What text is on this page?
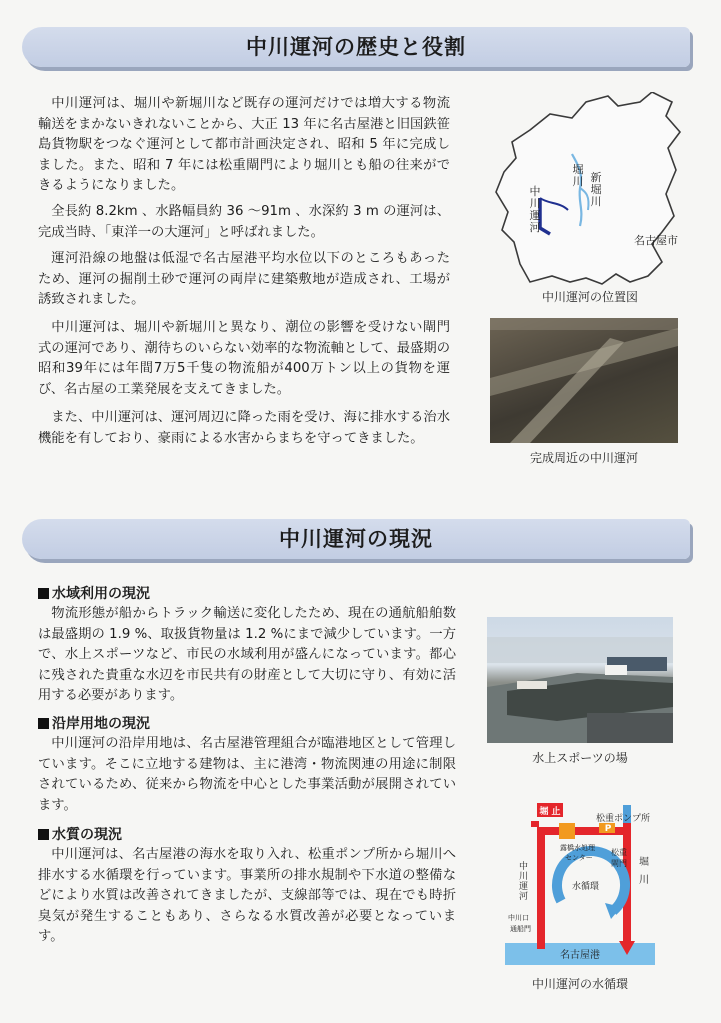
中川運河の歴史と役割

中川運河は、堀川や新堀川など既存の運河だけでは増大する物流輸送をまかないきれないことから、大正 13 年に名古屋港と旧国鉄笹島貨物駅をつなぐ運河として都市計画決定され、昭和 5 年に完成しました。また、昭和 7 年には松重閘門により堀川とも船の往来ができるようになりました。

全長約 8.2km 、水路幅員約 36 〜91m 、水深約 3 m の運河は、完成当時、「東洋一の大運河」と呼ばれました。

運河沿線の地盤は低湿で名古屋港平均水位以下のところもあったため、運河の掘削土砂で運河の両岸に建築敷地が造成され、工場が誘致されました。

中川運河は、堀川や新堀川と異なり、潮位の影響を受けない閘門式の運河であり、潮待ちのいらない効率的な物流軸として、最盛期の昭和39年には年間7万5千隻の物流船が400万トン以上の貨物を運び、名古屋の工業発展を支えてきました。

また、中川運河は、運河周辺に降った雨を受け、海に排水する治水機能を有しており、豪雨による水害からまちを守ってきました。

堀川 新堀川
中川運河
名古屋市
中川運河の位置図
完成周近の中川運河
中川運河の現況
水域利用の現況

物流形態が船からトラック輸送に変化したため、現在の通航船舶数は最盛期の 1.9 %、取扱貨物量は 1.2 %にまで減少しています。一方で、水上スポーツなど、市民の水域利用が盛んになっています。都心に残された貴重な水辺を市民共有の財産として大切に守り、有効に活用する必要があります。

沿岸用地の現況

中川運河の沿岸用地は、名古屋港管理組合が臨港地区として管理しています。そこに立地する建物は、主に港湾・物流関連の用途に制限されているため、従来から物流を中心とした事業活動が展開されています。

水質の現況

中川運河は、名古屋港の海水を取り入れ、松重ポンプ所から堀川へ排水する水循環を行っています。事業所の排水規制や下水道の整備などにより水質は改善されてきましたが、支線部等では、現在でも時折臭気が発生することもあり、さらなる水質改善が必要となっています。

水上スポーツの場
堀 止
松重ポンプ所
P
露橋水処理
センター
松重
閘門 堀 川
中川運河
水循環
中川口
通船門
名古屋港
中川運河の水循環
